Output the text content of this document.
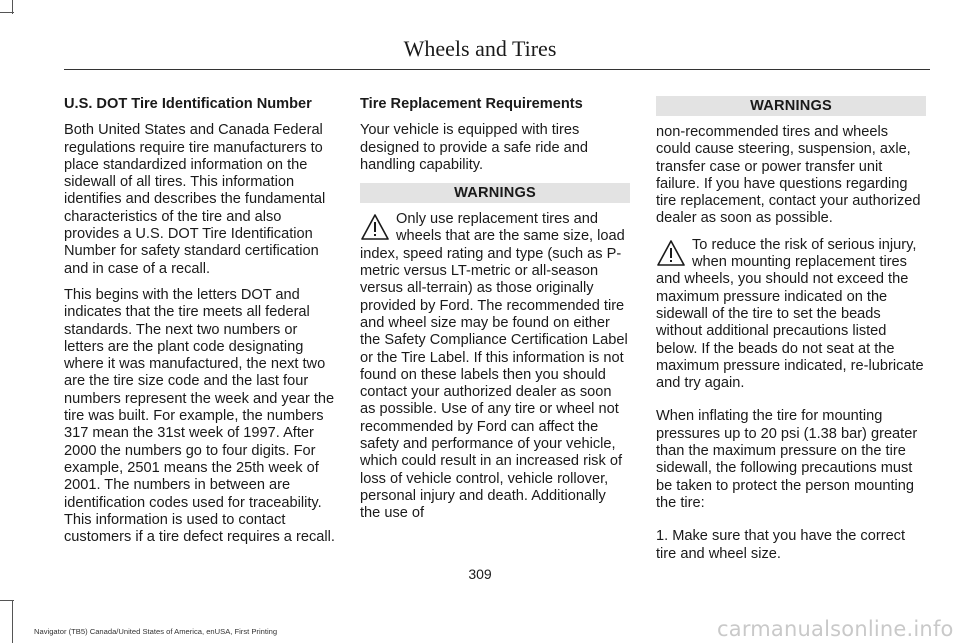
Wheels and Tires
U.S. DOT Tire Identification Number
Both United States and Canada Federal regulations require tire manufacturers to place standardized information on the sidewall of all tires. This information identifies and describes the fundamental characteristics of the tire and also provides a U.S. DOT Tire Identification Number for safety standard certification and in case of a recall.
This begins with the letters DOT and indicates that the tire meets all federal standards. The next two numbers or letters are the plant code designating where it was manufactured, the next two are the tire size code and the last four numbers represent the week and year the tire was built. For example, the numbers 317 mean the 31st week of 1997. After 2000 the numbers go to four digits. For example, 2501 means the 25th week of 2001. The numbers in between are identification codes used for traceability. This information is used to contact customers if a tire defect requires a recall.
Tire Replacement Requirements
Your vehicle is equipped with tires designed to provide a safe ride and handling capability.
WARNINGS
Only use replacement tires and wheels that are the same size, load index, speed rating and type (such as P-metric versus LT-metric or all-season versus all-terrain) as those originally provided by Ford. The recommended tire and wheel size may be found on either the Safety Compliance Certification Label or the Tire Label. If this information is not found on these labels then you should contact your authorized dealer as soon as possible. Use of any tire or wheel not recommended by Ford can affect the safety and performance of your vehicle, which could result in an increased risk of loss of vehicle control, vehicle rollover, personal injury and death. Additionally the use of
WARNINGS
non-recommended tires and wheels could cause steering, suspension, axle, transfer case or power transfer unit failure. If you have questions regarding tire replacement, contact your authorized dealer as soon as possible.
To reduce the risk of serious injury, when mounting replacement tires and wheels, you should not exceed the maximum pressure indicated on the sidewall of the tire to set the beads without additional precautions listed below. If the beads do not seat at the maximum pressure indicated, re-lubricate and try again.
When inflating the tire for mounting pressures up to 20 psi (1.38 bar) greater than the maximum pressure on the tire sidewall, the following precautions must be taken to protect the person mounting the tire:
1. Make sure that you have the correct tire and wheel size.
309
Navigator (TB5) Canada/United States of America, enUSA, First Printing	carmanualsonline.info
